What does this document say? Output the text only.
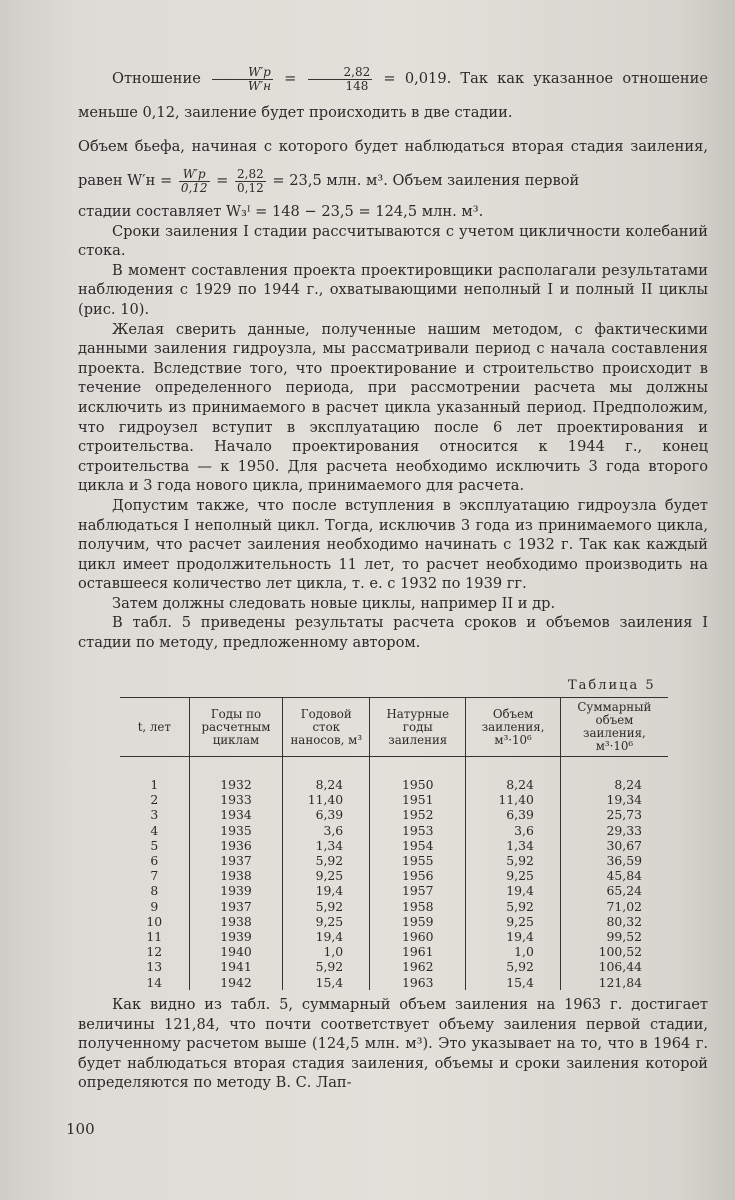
Отношение $\frac{W'р}{W'н} = \frac{2,82}{148} = 0,019$. Так как указанное отношение меньше 0,12, заиление будет происходить в две стадии.

Объем бьефа, начиная с которого будет наблюдаться вторая стадия заиления, равен $W'н = \frac{W'р}{0,12} = \frac{2,82}{0,12} = 23,5$ млн. м³. Объем заиления первой

стадии составляет W₃ᴵ = 148 − 23,5 = 124,5 млн. м³.

Сроки заиления I стадии рассчитываются с учетом цикличности колебаний стока.

В момент составления проекта проектировщики располагали результатами наблюдения с 1929 по 1944 г., охватывающими неполный I и полный II циклы (рис. 10).

Желая сверить данные, полученные нашим методом, с фактическими данными заиления гидроузла, мы рассматривали период с начала составления проекта. Вследствие того, что проектирование и строительство происходит в течение определенного периода, при рассмотрении расчета мы должны исключить из принимаемого в расчет цикла указанный период. Предположим, что гидроузел вступит в эксплуатацию после 6 лет проектирования и строительства. Начало проектирования относится к 1944 г., конец строительства — к 1950. Для расчета необходимо исключить 3 года второго цикла и 3 года нового цикла, принимаемого для расчета.

Допустим также, что после вступления в эксплуатацию гидроузла будет наблюдаться I неполный цикл. Тогда, исключив 3 года из принимаемого цикла, получим, что расчет заиления необходимо начинать с 1932 г. Так как каждый цикл имеет продолжительность 11 лет, то расчет необходимо производить на оставшееся количество лет цикла, т. е. с 1932 по 1939 гг.

Затем должны следовать новые циклы, например II и др.

В табл. 5 приведены результаты расчета сроков и объемов заиления I стадии по методу, предложенному автором.

Таблица 5
t, лет	Годы по расчетным циклам	Годовой сток наносов, м³	Натурные годы заиления	Объем заиления, м³·10⁶	Суммарный объем заиления, м³·10⁶

1	1932	8,24	1950	8,24	8,24
2	1933	11,40	1951	11,40	19,34
3	1934	6,39	1952	6,39	25,73
4	1935	3,6	1953	3,6	29,33
5	1936	1,34	1954	1,34	30,67
6	1937	5,92	1955	5,92	36,59
7	1938	9,25	1956	9,25	45,84
8	1939	19,4	1957	19,4	65,24
9	1937	5,92	1958	5,92	71,02
10	1938	9,25	1959	9,25	80,32
11	1939	19,4	1960	19,4	99,52
12	1940	1,0	1961	1,0	100,52
13	1941	5,92	1962	5,92	106,44
14	1942	15,4	1963	15,4	121,84

Как видно из табл. 5, суммарный объем заиления на 1963 г. достигает величины 121,84, что почти соответствует объему заиления первой стадии, полученному расчетом выше (124,5 млн. м³). Это указывает на то, что в 1964 г. будет наблюдаться вторая стадия заиления, объемы и сроки заиления которой определяются по методу В. С. Лап-

100
